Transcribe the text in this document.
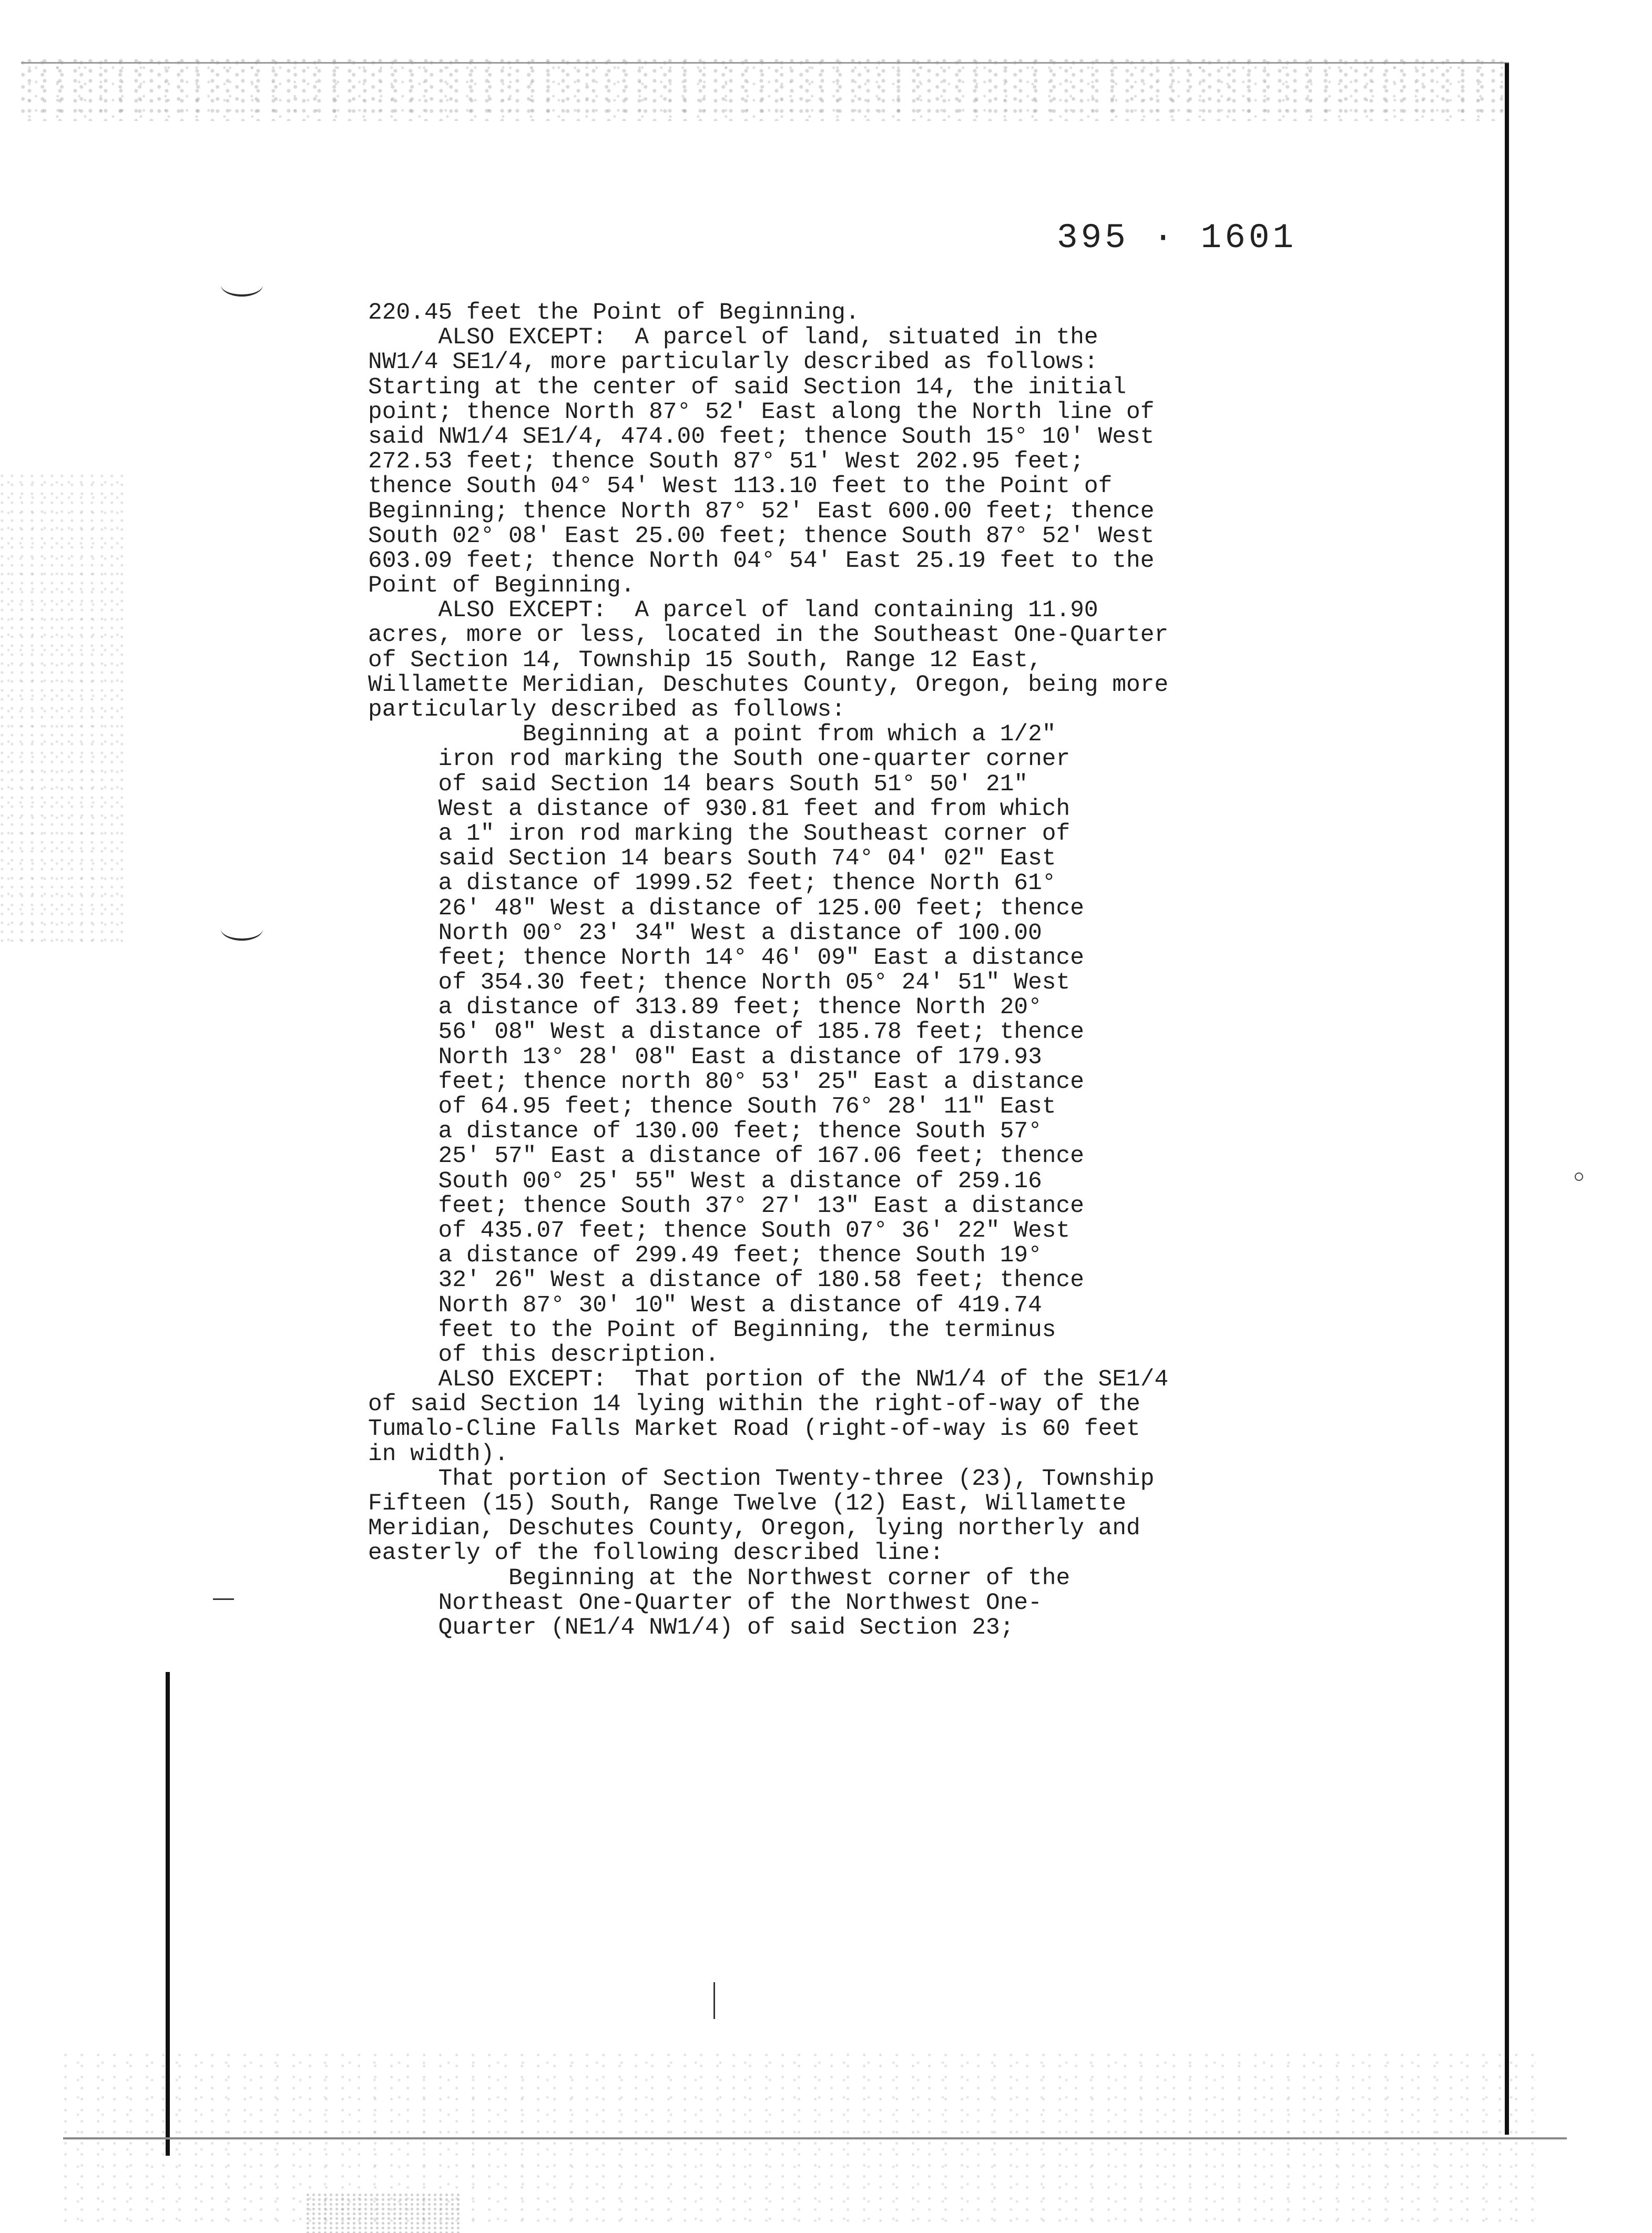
395 · 1601
220.45 feet the Point of Beginning.
ALSO EXCEPT:  A parcel of land, situated in the
NW1/4 SE1/4, more particularly described as follows:
Starting at the center of said Section 14, the initial
point; thence North 87° 52' East along the North line of
said NW1/4 SE1/4, 474.00 feet; thence South 15° 10' West
272.53 feet; thence South 87° 51' West 202.95 feet;
thence South 04° 54' West 113.10 feet to the Point of
Beginning; thence North 87° 52' East 600.00 feet; thence
South 02° 08' East 25.00 feet; thence South 87° 52' West
603.09 feet; thence North 04° 54' East 25.19 feet to the
Point of Beginning.
ALSO EXCEPT:  A parcel of land containing 11.90
acres, more or less, located in the Southeast One-Quarter
of Section 14, Township 15 South, Range 12 East,
Willamette Meridian, Deschutes County, Oregon, being more
particularly described as follows:
Beginning at a point from which a 1/2"
iron rod marking the South one-quarter corner
of said Section 14 bears South 51° 50' 21"
West a distance of 930.81 feet and from which
a 1" iron rod marking the Southeast corner of
said Section 14 bears South 74° 04' 02" East
a distance of 1999.52 feet; thence North 61°
26' 48" West a distance of 125.00 feet; thence
North 00° 23' 34" West a distance of 100.00
feet; thence North 14° 46' 09" East a distance
of 354.30 feet; thence North 05° 24' 51" West
a distance of 313.89 feet; thence North 20°
56' 08" West a distance of 185.78 feet; thence
North 13° 28' 08" East a distance of 179.93
feet; thence north 80° 53' 25" East a distance
of 64.95 feet; thence South 76° 28' 11" East
a distance of 130.00 feet; thence South 57°
25' 57" East a distance of 167.06 feet; thence
South 00° 25' 55" West a distance of 259.16
feet; thence South 37° 27' 13" East a distance
of 435.07 feet; thence South 07° 36' 22" West
a distance of 299.49 feet; thence South 19°
32' 26" West a distance of 180.58 feet; thence
North 87° 30' 10" West a distance of 419.74
feet to the Point of Beginning, the terminus
of this description.
ALSO EXCEPT:  That portion of the NW1/4 of the SE1/4
of said Section 14 lying within the right-of-way of the
Tumalo-Cline Falls Market Road (right-of-way is 60 feet
in width).
That portion of Section Twenty-three (23), Township
Fifteen (15) South, Range Twelve (12) East, Willamette
Meridian, Deschutes County, Oregon, lying northerly and
easterly of the following described line:
Beginning at the Northwest corner of the
Northeast One-Quarter of the Northwest One-
Quarter (NE1/4 NW1/4) of said Section 23;
